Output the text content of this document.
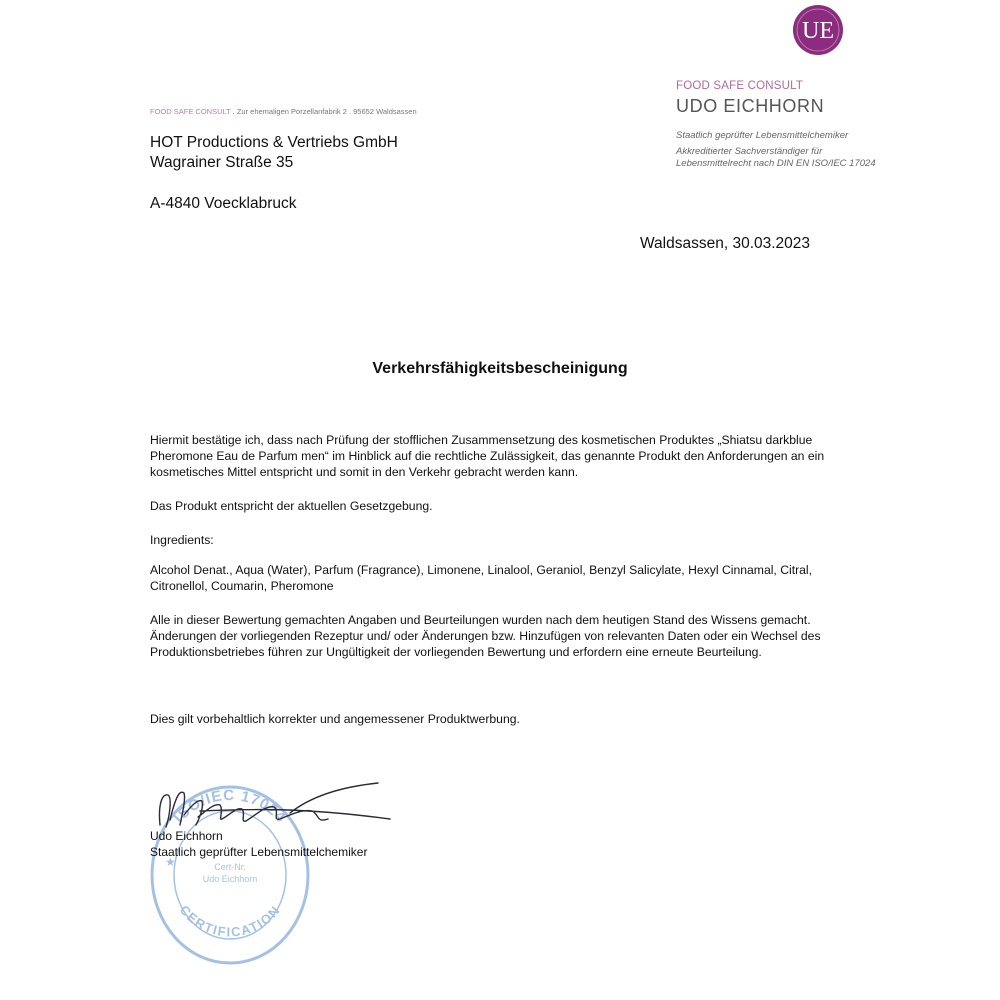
UE
FOOD SAFE CONSULT
UDO EICHHORN
Staatlich geprüfter Lebensmittelchemiker
Akkreditierter Sachverständiger für
Lebensmittelrecht nach DIN EN ISO/IEC 17024
FOOD SAFE CONSULT . Zur ehemaligen Porzellanfabrik 2 . 95652 Waldsassen
HOT Productions & Vertriebs GmbH
Wagrainer Straße 35
A-4840 Voecklabruck
Waldsassen, 30.03.2023
Verkehrsfähigkeitsbescheinigung
Hiermit bestätige ich, dass nach Prüfung der stofflichen Zusammensetzung des kosmetischen Produktes „Shiatsu darkblue Pheromone Eau de Parfum men“ im Hinblick auf die rechtliche Zulässigkeit, das genannte Produkt den Anforderungen an ein kosmetisches Mittel entspricht und somit in den Verkehr gebracht werden kann.
Das Produkt entspricht der aktuellen Gesetzgebung.
Ingredients:
Alcohol Denat., Aqua (Water), Parfum (Fragrance), Limonene, Linalool, Geraniol, Benzyl Salicylate, Hexyl Cinnamal, Citral, Citronellol, Coumarin, Pheromone
Alle in dieser Bewertung gemachten Angaben und Beurteilungen wurden nach dem heutigen Stand des Wissens gemacht. Änderungen der vorliegenden Rezeptur und/ oder Änderungen bzw. Hinzufügen von relevanten Daten oder ein Wechsel des Produktionsbetriebes führen zur Ungültigkeit der vorliegenden Bewertung und erfordern eine erneute Beurteilung.
Dies gilt vorbehaltlich korrekter und angemessener Produktwerbung.
ISO/IEC 17024
CERTIFICATION
Cert-Nr.
Udo Eichhorn
★
Udo Eichhorn
Staatlich geprüfter Lebensmittelchemiker
